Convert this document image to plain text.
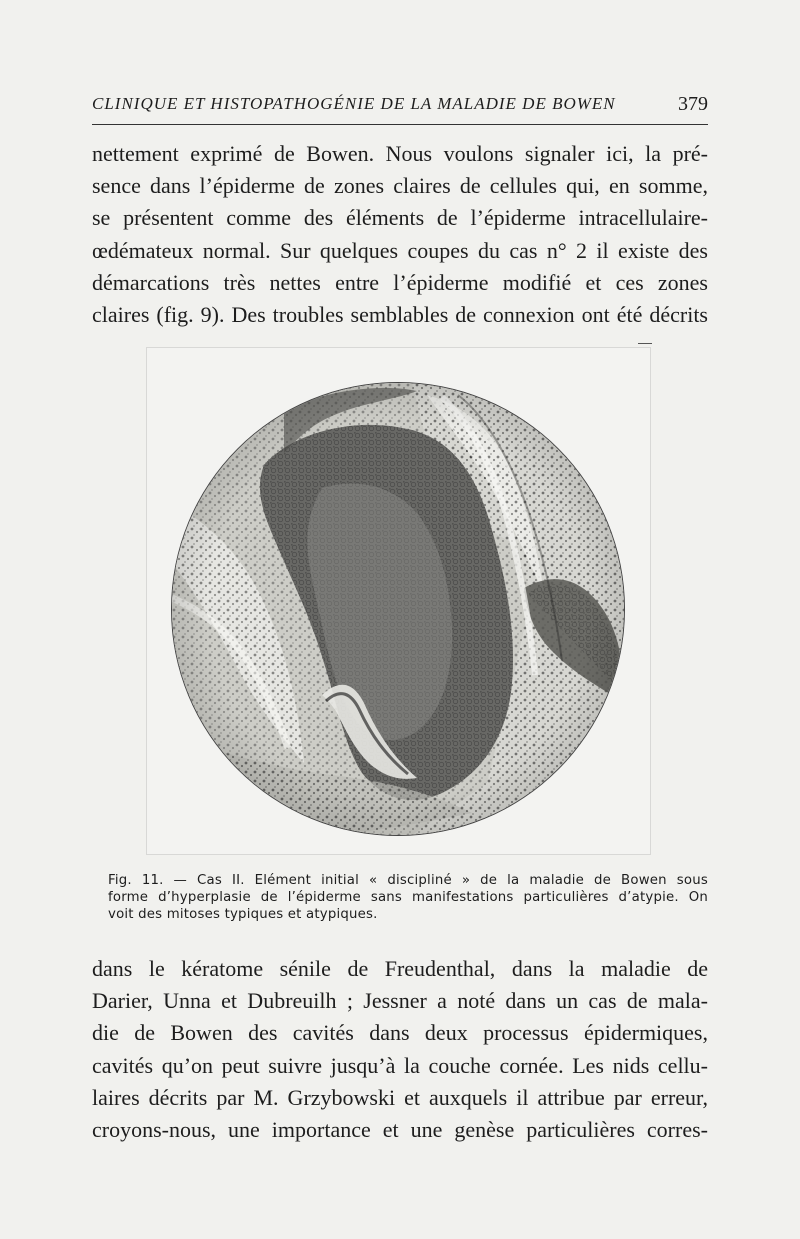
CLINIQUE ET HISTOPATHOGÉNIE DE LA MALADIE DE BOWEN	379

nettement exprimé de Bowen. Nous voulons signaler ici, la pré-
sence dans l’épiderme de zones claires de cellules qui, en somme,
se présentent comme des éléments de l’épiderme intracellulaire-
œdémateux normal. Sur quelques coupes du cas n° 2 il existe des
démarcations très nettes entre l’épiderme modifié et ces zones
claires (fig. 9). Des troubles semblables de connexion ont été décrits

Fig. 11. — Cas II. Elément initial « discipliné » de la maladie de Bowen sous
forme d’hyperplasie de l’épiderme sans manifestations particulières d’atypie. On
voit des mitoses typiques et atypiques.

dans le kératome sénile de Freudenthal, dans la maladie de
Darier, Unna et Dubreuilh ; Jessner a noté dans un cas de mala-
die de Bowen des cavités dans deux processus épidermiques,
cavités qu’on peut suivre jusqu’à la couche cornée. Les nids cellu-
laires décrits par M. Grzybowski et auxquels il attribue par erreur,
croyons-nous, une importance et une genèse particulières corres-
